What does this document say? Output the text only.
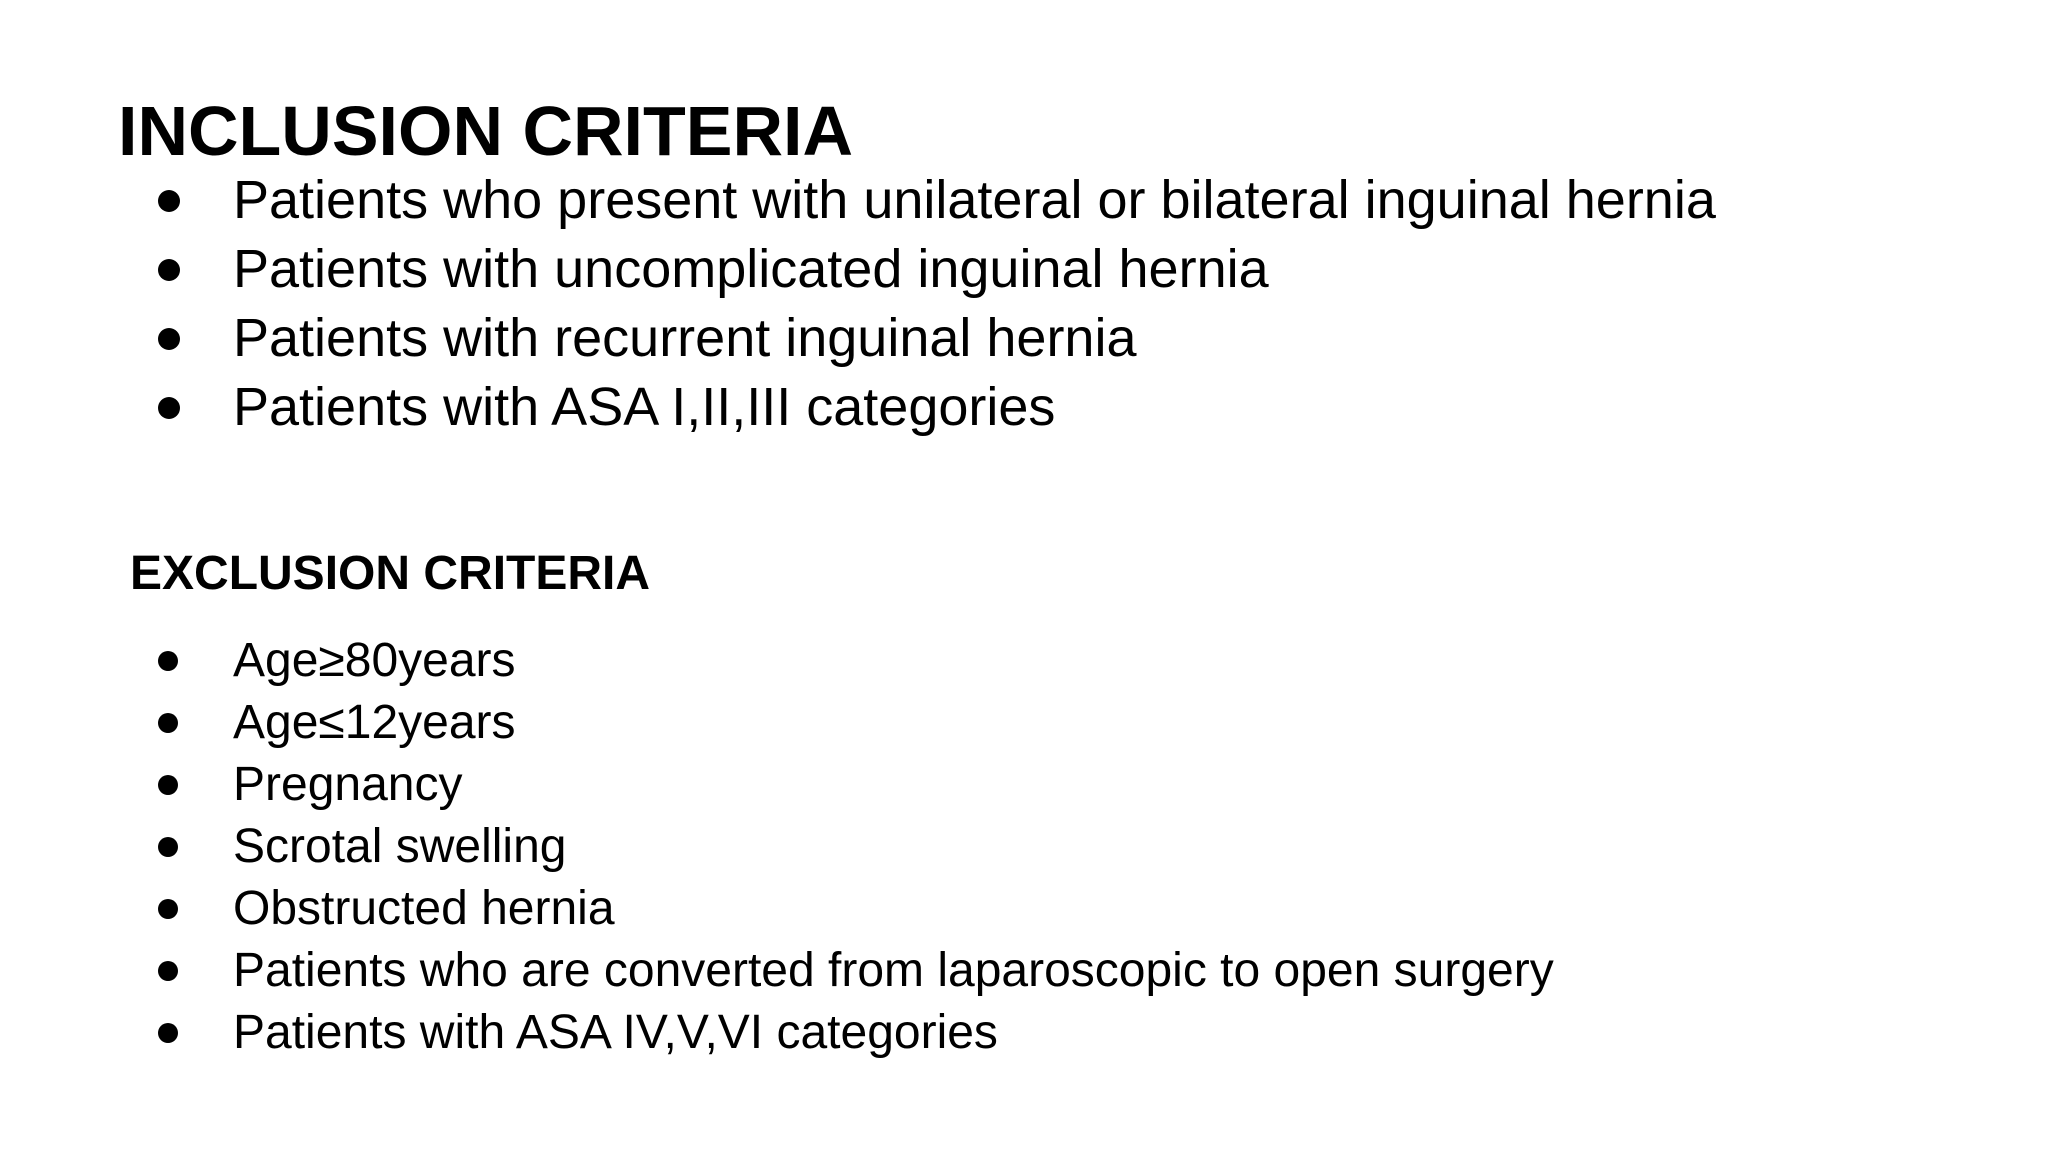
INCLUSION CRITERIA
Patients who present with unilateral or bilateral inguinal hernia
Patients with uncomplicated inguinal hernia
Patients with recurrent inguinal hernia
Patients with ASA I,II,III categories
EXCLUSION CRITERIA
Age≥80years
Age≤12years
Pregnancy
Scrotal swelling
Obstructed hernia
Patients who are converted from laparoscopic to open surgery
Patients with ASA IV,V,VI categories
